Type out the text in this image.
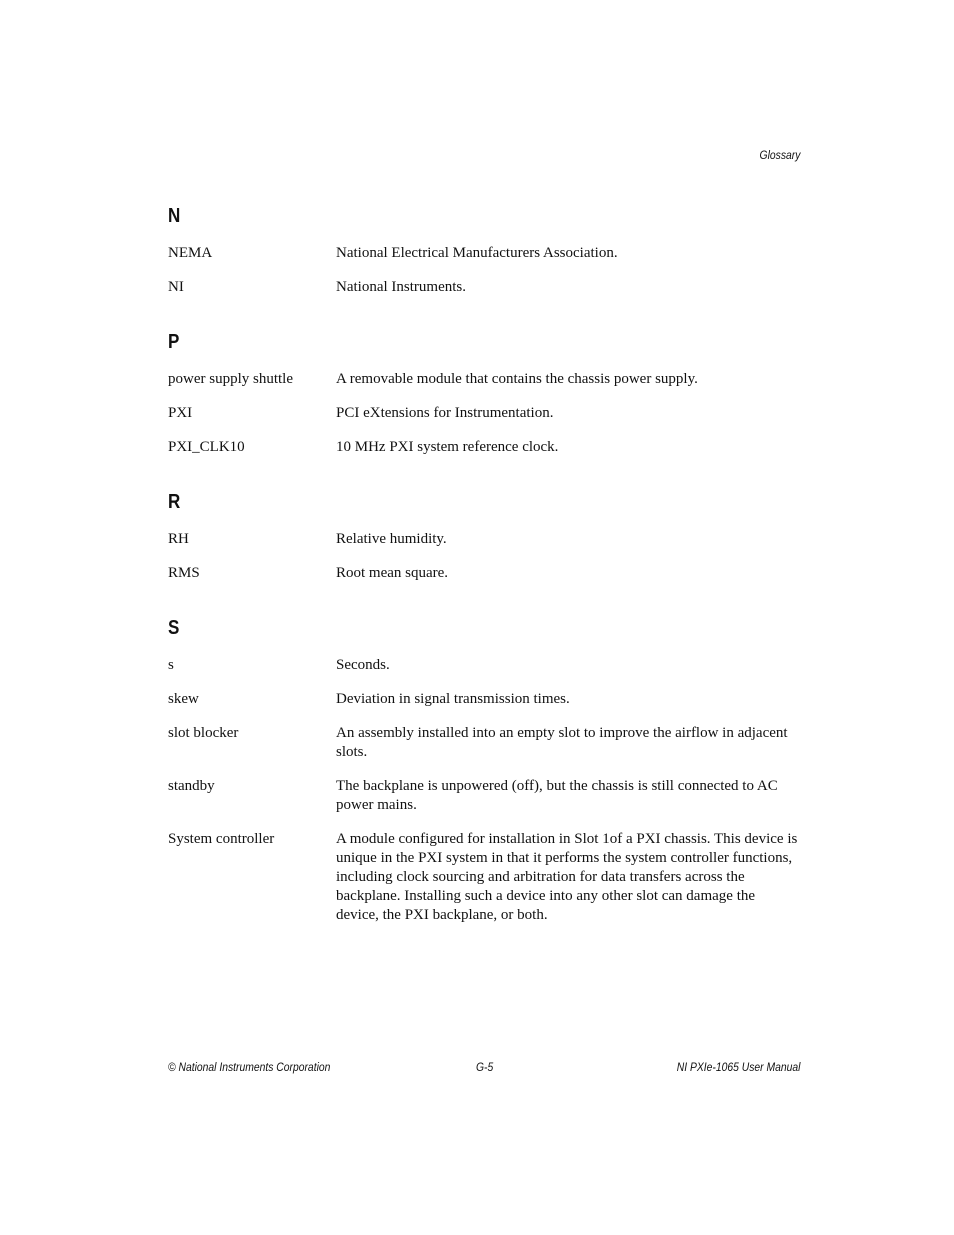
Glossary
N
NEMA	National Electrical Manufacturers Association.
NI	National Instruments.
P
power supply shuttle	A removable module that contains the chassis power supply.
PXI	PCI eXtensions for Instrumentation.
PXI_CLK10	10 MHz PXI system reference clock.
R
RH	Relative humidity.
RMS	Root mean square.
S
s	Seconds.
skew	Deviation in signal transmission times.
slot blocker	An assembly installed into an empty slot to improve the airflow in adjacent slots.
standby	The backplane is unpowered (off), but the chassis is still connected to AC power mains.
System controller	A module configured for installation in Slot 1of a PXI chassis. This device is unique in the PXI system in that it performs the system controller functions, including clock sourcing and arbitration for data transfers across the backplane. Installing such a device into any other slot can damage the device, the PXI backplane, or both.
© National Instruments Corporation	G-5	NI PXIe-1065 User Manual
